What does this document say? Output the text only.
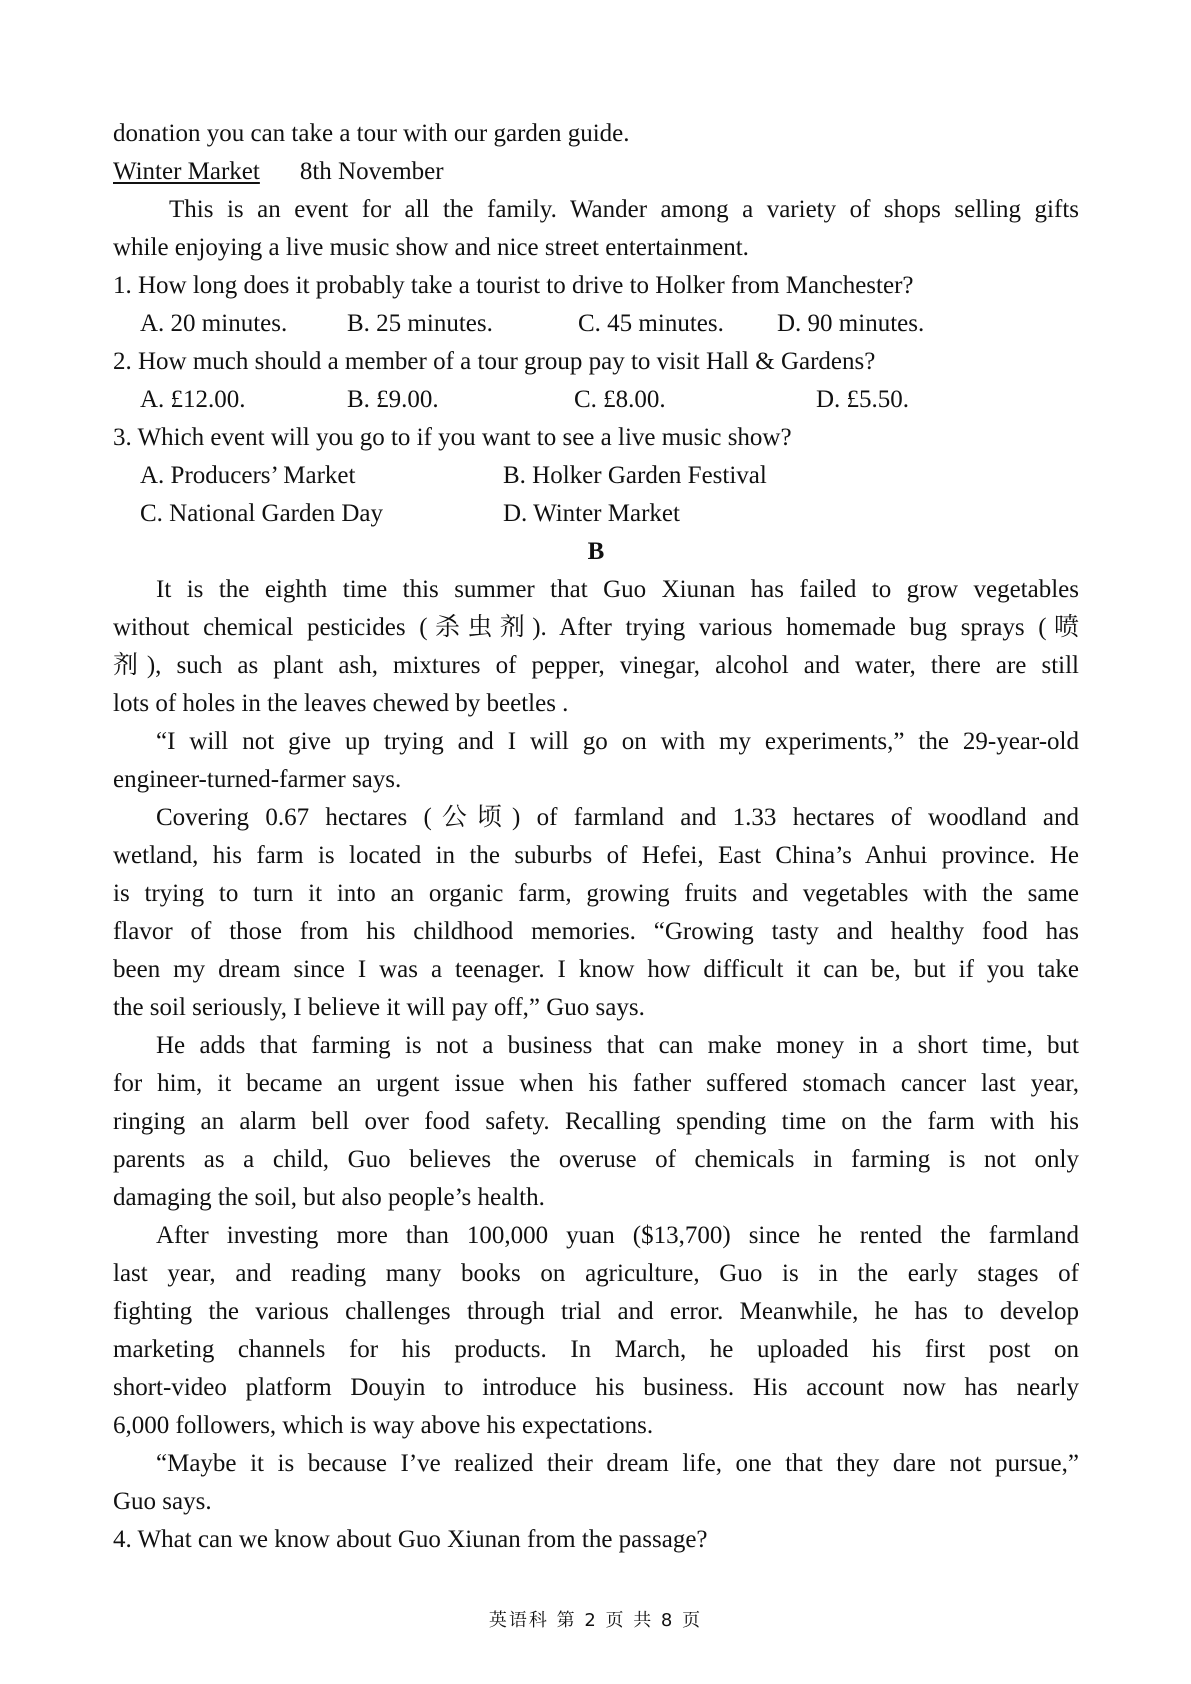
donation you can take a tour with our garden guide.
Winter Market 8th November
This is an event for all the family. Wander among a variety of shops selling gifts
while enjoying a live music show and nice street entertainment.
1. How long does it probably take a tourist to drive to Holker from Manchester?
A. 20 minutes. B. 25 minutes.	C. 45 minutes. D. 90 minutes.
2. How much should a member of a tour group pay to visit Hall & Gardens?
A. £12.00.	B. £9.00.	C. £8.00.	D. £5.50.
3. Which event will you go to if you want to see a live music show?
A. Producers’ Market	B. Holker Garden Festival
C. National Garden Day	D. Winter Market
B
It is the eighth time this summer that Guo Xiunan has failed to grow vegetables
without chemical pesticides (杀虫剂). After trying various homemade bug sprays (喷
剂), such as plant ash, mixtures of pepper, vinegar, alcohol and water, there are still
lots of holes in the leaves chewed by beetles .
“I will not give up trying and I will go on with my experiments,” the 29-year-old
engineer-turned-farmer says.
Covering 0.67 hectares (公顷) of farmland and 1.33 hectares of woodland and
wetland, his farm is located in the suburbs of Hefei, East China’s Anhui province. He
is trying to turn it into an organic farm, growing fruits and vegetables with the same
flavor of those from his childhood memories. “Growing tasty and healthy food has
been my dream since I was a teenager. I know how difficult it can be, but if you take
the soil seriously, I believe it will pay off,” Guo says.
He adds that farming is not a business that can make money in a short time, but
for him, it became an urgent issue when his father suffered stomach cancer last year,
ringing an alarm bell over food safety. Recalling spending time on the farm with his
parents as a child, Guo believes the overuse of chemicals in farming is not only
damaging the soil, but also people’s health.
After investing more than 100,000 yuan ($13,700) since he rented the farmland
last year, and reading many books on agriculture, Guo is in the early stages of
fighting the various challenges through trial and error. Meanwhile, he has to develop
marketing channels for his products. In March, he uploaded his first post on
short-video platform Douyin to introduce his business. His account now has nearly
6,000 followers, which is way above his expectations.
“Maybe it is because I’ve realized their dream life, one that they dare not pursue,”
Guo says.
4. What can we know about Guo Xiunan from the passage?
英语科 第 2 页 共 8 页
